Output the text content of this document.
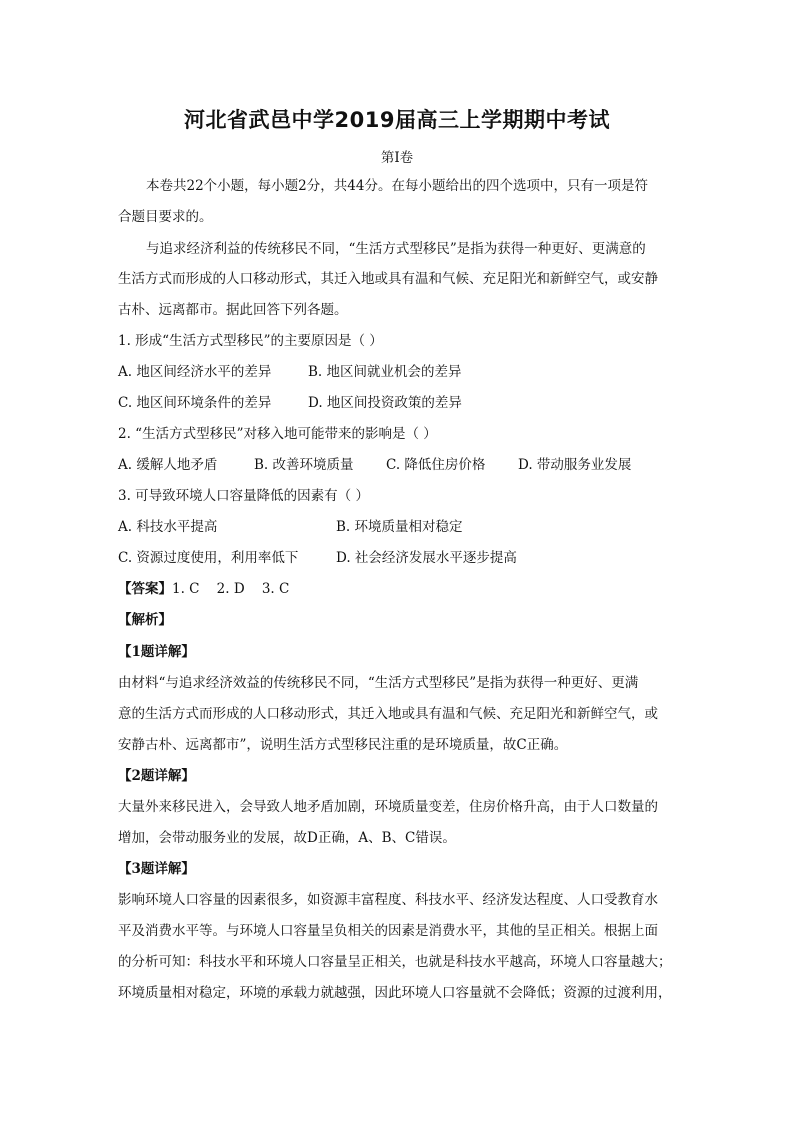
河北省武邑中学2019届高三上学期期中考试
第I卷
本卷共22个小题，每小题2分，共44分。在每小题给出的四个选项中，只有一项是符
合题目要求的。
与追求经济利益的传统移民不同，“生活方式型移民”是指为获得一种更好、更满意的
生活方式而形成的人口移动形式，其迁入地或具有温和气候、充足阳光和新鲜空气，或安静
古朴、远离都市。据此回答下列各题。
1. 形成“生活方式型移民”的主要原因是（ ）
A. 地区间经济水平的差异	B. 地区间就业机会的差异
C. 地区间环境条件的差异	D. 地区间投资政策的差异
2. “生活方式型移民”对移入地可能带来的影响是（ ）
A. 缓解人地矛盾	B. 改善环境质量 C. 降低住房价格 D. 带动服务业发展
3. 可导致环境人口容量降低的因素有（ ）
A. 科技水平提高	B. 环境质量相对稳定
C. 资源过度使用，利用率低下	D. 社会经济发展水平逐步提高
【答案】1. C    2. D    3. C
【解析】
【1题详解】
由材料“与追求经济效益的传统移民不同，“生活方式型移民”是指为获得一种更好、更满
意的生活方式而形成的人口移动形式，其迁入地或具有温和气候、充足阳光和新鲜空气，或
安静古朴、远离都市”，说明生活方式型移民注重的是环境质量，故C正确。
【2题详解】
大量外来移民进入，会导致人地矛盾加剧，环境质量变差，住房价格升高，由于人口数量的
增加，会带动服务业的发展，故D正确，A、B、C错误。
【3题详解】
影响环境人口容量的因素很多，如资源丰富程度、科技水平、经济发达程度、人口受教育水
平及消费水平等。与环境人口容量呈负相关的因素是消费水平，其他的呈正相关。根据上面
的分析可知：科技水平和环境人口容量呈正相关，也就是科技水平越高，环境人口容量越大；
环境质量相对稳定，环境的承载力就越强，因此环境人口容量就不会降低；资源的过渡利用，
